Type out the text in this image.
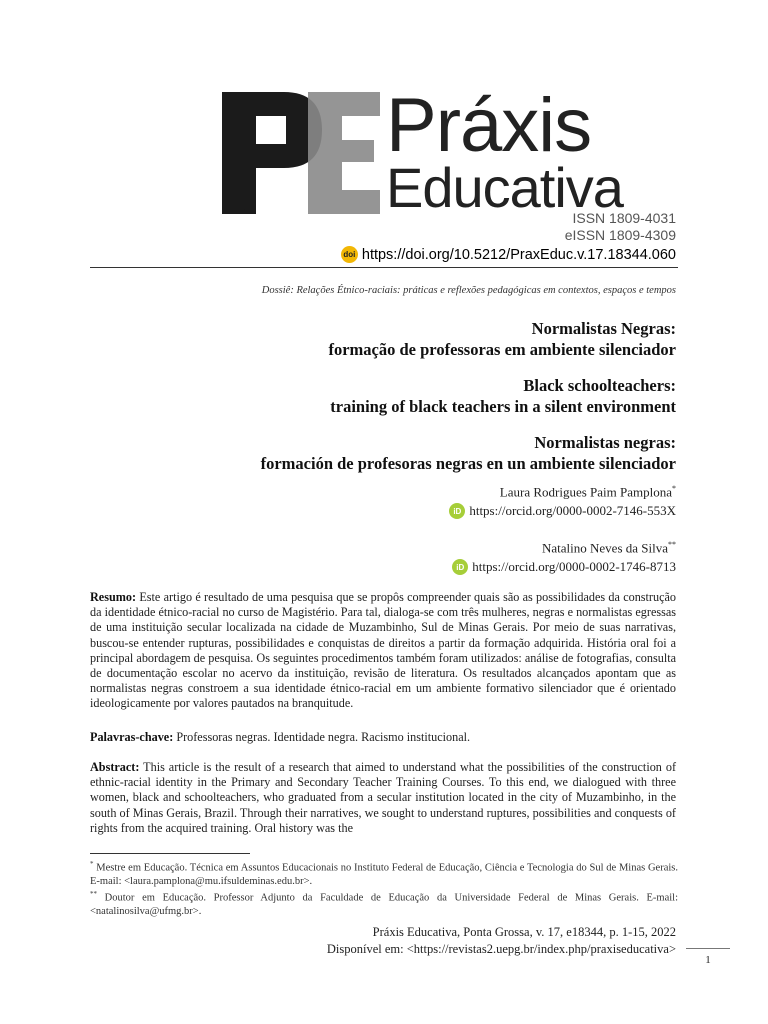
PE
Práxis
Educativa
ISSN 1809-4031
eISSN 1809-4309
doi https://doi.org/10.5212/PraxEduc.v.17.18344.060
Dossiê: Relações Étnico-raciais: práticas e reflexões pedagógicas em contextos, espaços e tempos
Normalistas Negras:
formação de professoras em ambiente silenciador
Black schoolteachers:
training of black teachers in a silent environment
Normalistas negras:
formación de profesoras negras en un ambiente silenciador
Laura Rodrigues Paim Pamplona*
iD https://orcid.org/0000-0002-7146-553X
Natalino Neves da Silva**
iD https://orcid.org/0000-0002-1746-8713

Resumo: Este artigo é resultado de uma pesquisa que se propôs compreender quais são as possibilidades da construção da identidade étnico-racial no curso de Magistério. Para tal, dialoga-se com três mulheres, negras e normalistas egressas de uma instituição secular localizada na cidade de Muzambinho, Sul de Minas Gerais. Por meio de suas narrativas, buscou-se entender rupturas, possibilidades e conquistas de direitos a partir da formação adquirida. História oral foi a principal abordagem de pesquisa. Os seguintes procedimentos também foram utilizados: análise de fotografias, consulta de documentação escolar no acervo da instituição, revisão de literatura. Os resultados alcançados apontam que as normalistas negras constroem a sua identidade étnico-racial em um ambiente formativo silenciador que é orientado ideologicamente por valores pautados na branquitude.

Palavras-chave: Professoras negras. Identidade negra. Racismo institucional.

Abstract: This article is the result of a research that aimed to understand what the possibilities of the construction of ethnic-racial identity in the Primary and Secondary Teacher Training Courses. To this end, we dialogued with three women, black and schoolteachers, who graduated from a secular institution located in the city of Muzambinho, in the south of Minas Gerais, Brazil. Through their narratives, we sought to understand ruptures, possibilities and conquests of rights from the acquired training. Oral history was the

* Mestre em Educação. Técnica em Assuntos Educacionais no Instituto Federal de Educação, Ciência e Tecnologia do Sul de Minas Gerais. E-mail: <laura.pamplona@mu.ifsuldeminas.edu.br>.

** Doutor em Educação. Professor Adjunto da Faculdade de Educação da Universidade Federal de Minas Gerais. E-mail: <natalinosilva@ufmg.br>.

Práxis Educativa, Ponta Grossa, v. 17, e18344, p. 1-15, 2022
Disponível em: <https://revistas2.uepg.br/index.php/praxiseducativa>
1
